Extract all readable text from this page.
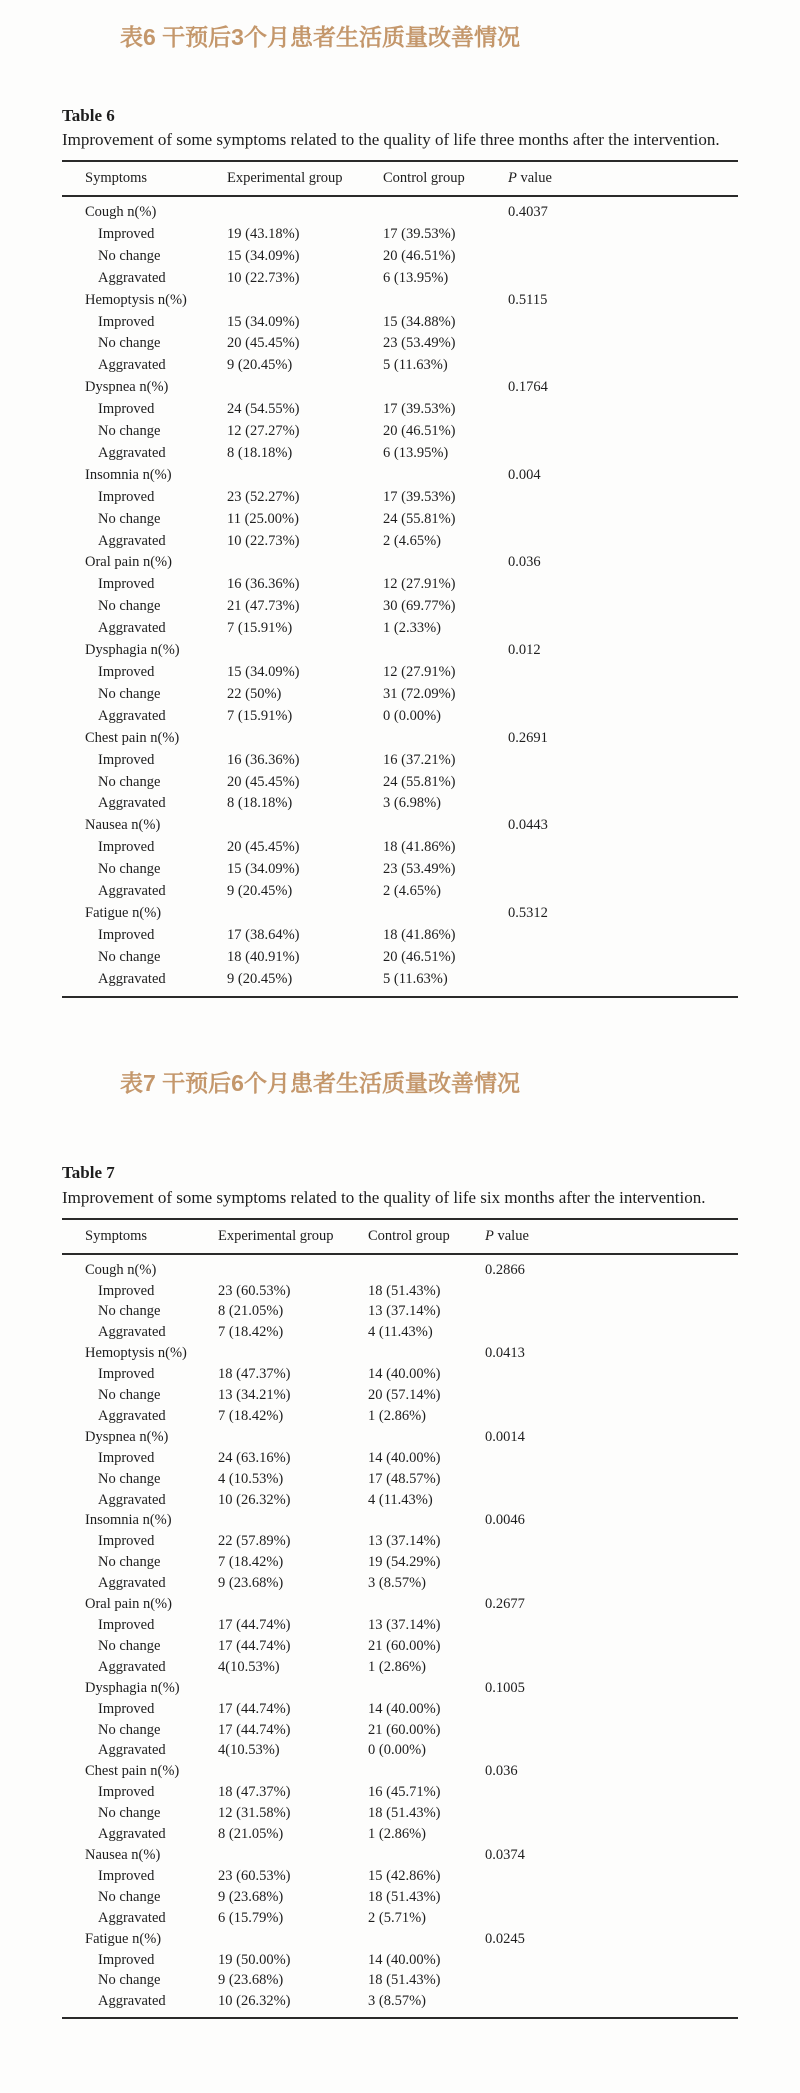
表6 干预后3个月患者生活质量改善情况

Table 6

Improvement of some symptoms related to the quality of life three months after the intervention.

Symptoms	Experimental group	Control group	P value
Cough n(%)			0.4037
Improved	19 (43.18%)	17 (39.53%)	
No change	15 (34.09%)	20 (46.51%)	
Aggravated	10 (22.73%)	6 (13.95%)	
Hemoptysis n(%)			0.5115
Improved	15 (34.09%)	15 (34.88%)	
No change	20 (45.45%)	23 (53.49%)	
Aggravated	9 (20.45%)	5 (11.63%)	
Dyspnea n(%)			0.1764
Improved	24 (54.55%)	17 (39.53%)	
No change	12 (27.27%)	20 (46.51%)	
Aggravated	8 (18.18%)	6 (13.95%)	
Insomnia n(%)			0.004
Improved	23 (52.27%)	17 (39.53%)	
No change	11 (25.00%)	24 (55.81%)	
Aggravated	10 (22.73%)	2 (4.65%)	
Oral pain n(%)			0.036
Improved	16 (36.36%)	12 (27.91%)	
No change	21 (47.73%)	30 (69.77%)	
Aggravated	7 (15.91%)	1 (2.33%)	
Dysphagia n(%)			0.012
Improved	15 (34.09%)	12 (27.91%)	
No change	22 (50%)	31 (72.09%)	
Aggravated	7 (15.91%)	0 (0.00%)	
Chest pain n(%)			0.2691
Improved	16 (36.36%)	16 (37.21%)	
No change	20 (45.45%)	24 (55.81%)	
Aggravated	8 (18.18%)	3 (6.98%)	
Nausea n(%)			0.0443
Improved	20 (45.45%)	18 (41.86%)	
No change	15 (34.09%)	23 (53.49%)	
Aggravated	9 (20.45%)	2 (4.65%)	
Fatigue n(%)			0.5312
Improved	17 (38.64%)	18 (41.86%)	
No change	18 (40.91%)	20 (46.51%)	
Aggravated	9 (20.45%)	5 (11.63%)	
表7 干预后6个月患者生活质量改善情况

Table 7

Improvement of some symptoms related to the quality of life six months after the intervention.

Symptoms	Experimental group	Control group	P value
Cough n(%)			0.2866
Improved	23 (60.53%)	18 (51.43%)	
No change	8 (21.05%)	13 (37.14%)	
Aggravated	7 (18.42%)	4 (11.43%)	
Hemoptysis n(%)			0.0413
Improved	18 (47.37%)	14 (40.00%)	
No change	13 (34.21%)	20 (57.14%)	
Aggravated	7 (18.42%)	1 (2.86%)	
Dyspnea n(%)			0.0014
Improved	24 (63.16%)	14 (40.00%)	
No change	4 (10.53%)	17 (48.57%)	
Aggravated	10 (26.32%)	4 (11.43%)	
Insomnia n(%)			0.0046
Improved	22 (57.89%)	13 (37.14%)	
No change	7 (18.42%)	19 (54.29%)	
Aggravated	9 (23.68%)	3 (8.57%)	
Oral pain n(%)			0.2677
Improved	17 (44.74%)	13 (37.14%)	
No change	17 (44.74%)	21 (60.00%)	
Aggravated	4(10.53%)	1 (2.86%)	
Dysphagia n(%)			0.1005
Improved	17 (44.74%)	14 (40.00%)	
No change	17 (44.74%)	21 (60.00%)	
Aggravated	4(10.53%)	0 (0.00%)	
Chest pain n(%)			0.036
Improved	18 (47.37%)	16 (45.71%)	
No change	12 (31.58%)	18 (51.43%)	
Aggravated	8 (21.05%)	1 (2.86%)	
Nausea n(%)			0.0374
Improved	23 (60.53%)	15 (42.86%)	
No change	9 (23.68%)	18 (51.43%)	
Aggravated	6 (15.79%)	2 (5.71%)	
Fatigue n(%)			0.0245
Improved	19 (50.00%)	14 (40.00%)	
No change	9 (23.68%)	18 (51.43%)	
Aggravated	10 (26.32%)	3 (8.57%)	
